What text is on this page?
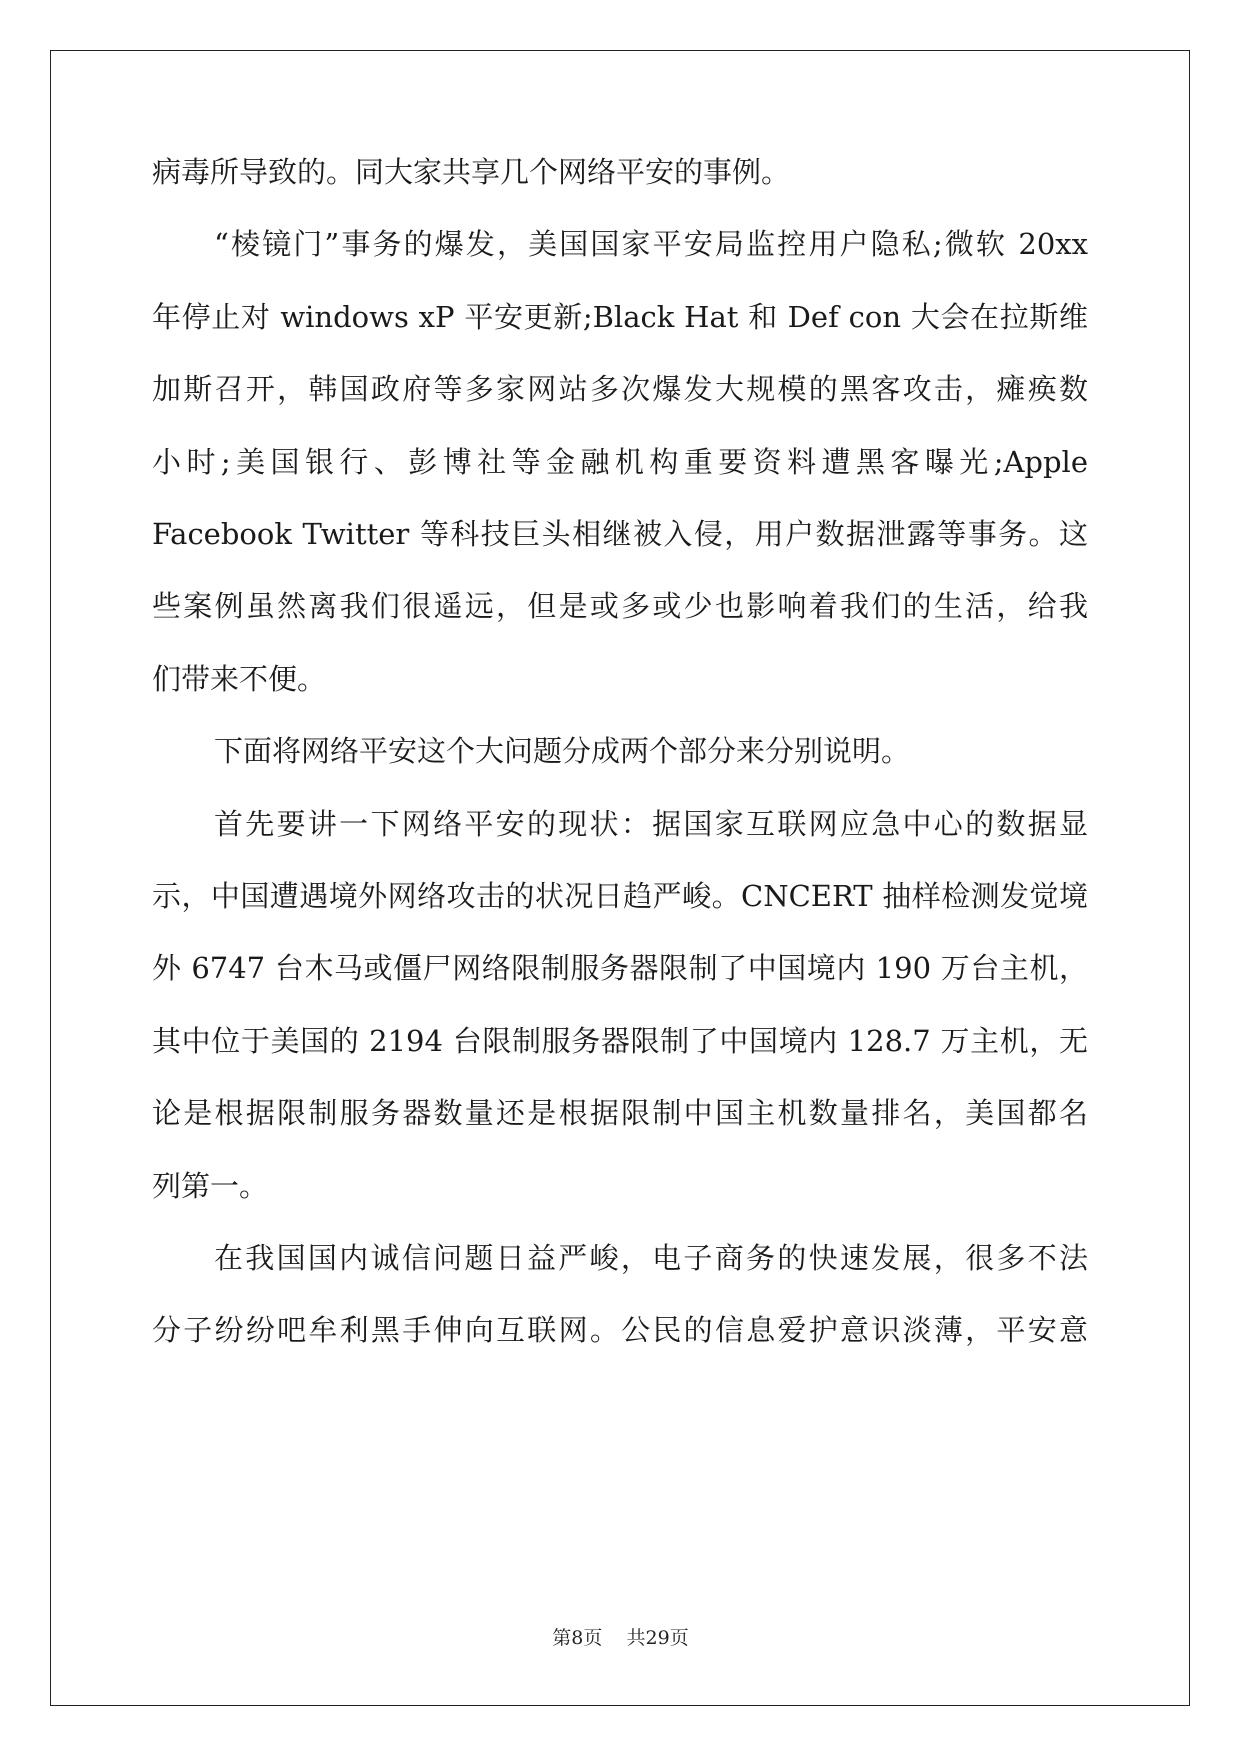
病毒所导致的。同大家共享几个网络平安的事例。
“棱镜门”事务的爆发，美国国家平安局监控用户隐私;微软 20xx
年停止对 windows xP 平安更新;Black Hat 和 Def con 大会在拉斯维
加斯召开，韩国政府等多家网站多次爆发大规模的黑客攻击，瘫痪数
小时;美国银行、彭博社等金融机构重要资料遭黑客曝光;Apple
Facebook Twitter 等科技巨头相继被入侵，用户数据泄露等事务。这
些案例虽然离我们很遥远，但是或多或少也影响着我们的生活，给我
们带来不便。
下面将网络平安这个大问题分成两个部分来分别说明。
首先要讲一下网络平安的现状：据国家互联网应急中心的数据显
示，中国遭遇境外网络攻击的状况日趋严峻。CNCERT 抽样检测发觉境
外 6747 台木马或僵尸网络限制服务器限制了中国境内 190 万台主机，
其中位于美国的 2194 台限制服务器限制了中国境内 128.7 万主机，无
论是根据限制服务器数量还是根据限制中国主机数量排名，美国都名
列第一。
在我国国内诚信问题日益严峻，电子商务的快速发展，很多不法
分子纷纷吧牟利黑手伸向互联网。公民的信息爱护意识淡薄，平安意
第8页 共29页
